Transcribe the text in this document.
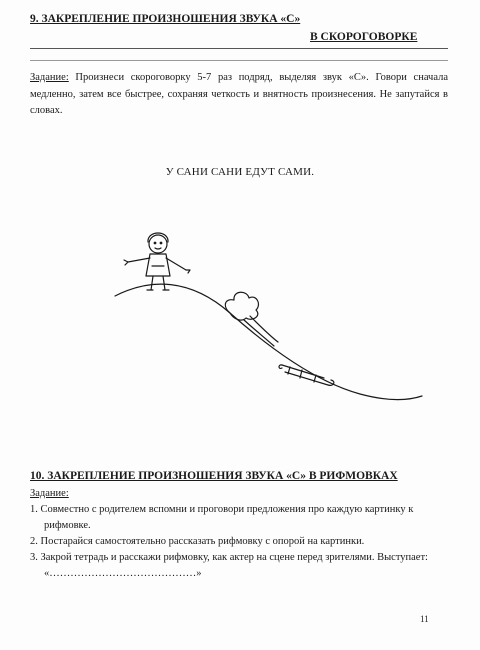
9. ЗАКРЕПЛЕНИЕ ПРОИЗНОШЕНИЯ ЗВУКА «С»
В СКОРОГОВОРКЕ
Задание: Произнеси скороговорку 5-7 раз подряд, выделяя звук «С». Говори сначала медленно, затем все быстрее, сохраняя четкость и внятность произнесения. Не запутайся в словах.
У САНИ САНИ ЕДУТ САМИ.
10. ЗАКРЕПЛЕНИЕ ПРОИЗНОШЕНИЯ ЗВУКА «С» В РИФМОВКАХ
Задание:
1. Совместно с родителем вспомни и проговори предложения про каждую картинку к рифмовке.
2. Постарайся самостоятельно рассказать рифмовку с опорой на картинки.
3. Закрой тетрадь и расскажи рифмовку, как актер на сцене перед зрителями. Выступает: «……………………………………»
11
